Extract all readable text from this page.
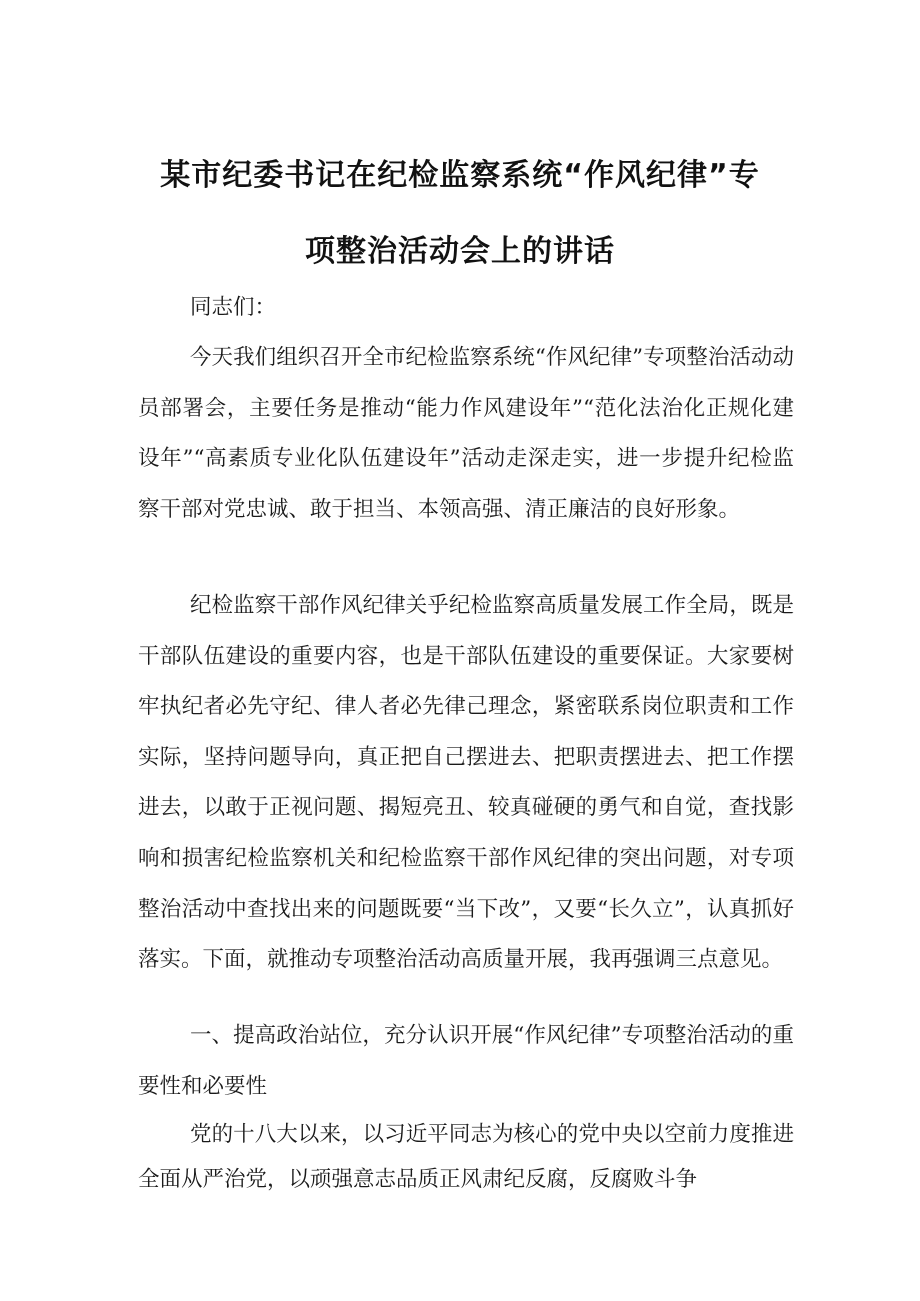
某市纪委书记在纪检监察系统“作风纪律”专
项整治活动会上的讲话
同志们：
今天我们组织召开全市纪检监察系统“作风纪律”专项整治活动动员部署会，主要任务是推动“能力作风建设年”“范化法治化正规化建设年”“高素质专业化队伍建设年”活动走深走实，进一步提升纪检监察干部对党忠诚、敢于担当、本领高强、清正廉洁的良好形象。
纪检监察干部作风纪律关乎纪检监察高质量发展工作全局，既是干部队伍建设的重要内容，也是干部队伍建设的重要保证。大家要树牢执纪者必先守纪、律人者必先律己理念，紧密联系岗位职责和工作实际，坚持问题导向，真正把自己摆进去、把职责摆进去、把工作摆进去，以敢于正视问题、揭短亮丑、较真碰硬的勇气和自觉，查找影响和损害纪检监察机关和纪检监察干部作风纪律的突出问题，对专项整治活动中查找出来的问题既要“当下改”，又要“长久立”，认真抓好落实。下面，就推动专项整治活动高质量开展，我再强调三点意见。
一、提高政治站位，充分认识开展“作风纪律”专项整治活动的重要性和必要性
党的十八大以来，以习近平同志为核心的党中央以空前力度推进全面从严治党，以顽强意志品质正风肃纪反腐，反腐败斗争
